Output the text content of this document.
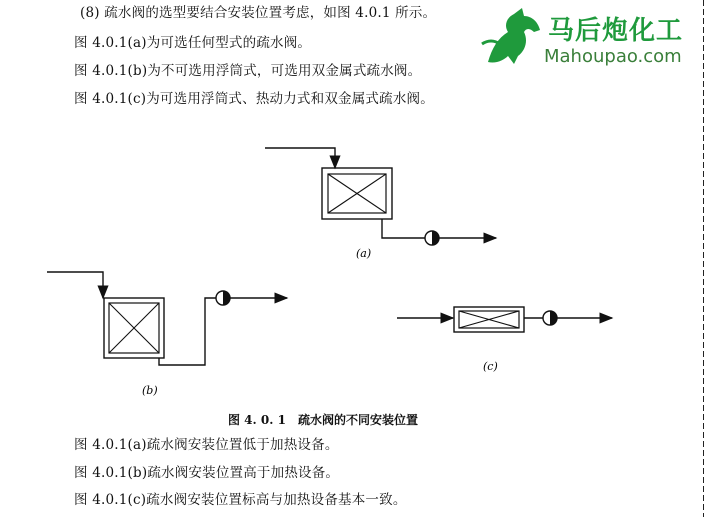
(8) 疏水阀的选型要结合安装位置考虑，如图 4.0.1 所示。
图 4.0.1(a)为可选任何型式的疏水阀。
图 4.0.1(b)为不可选用浮筒式，可选用双金属式疏水阀。
图 4.0.1(c)为可选用浮筒式、热动力式和双金属式疏水阀。
(a)
(b)
(c)
图 4. 0. 1 疏水阀的不同安装位置
图 4.0.1(a)疏水阀安装位置低于加热设备。
图 4.0.1(b)疏水阀安装位置高于加热设备。
图 4.0.1(c)疏水阀安装位置标高与加热设备基本一致。
马后炮化工
Mahoupao.com
